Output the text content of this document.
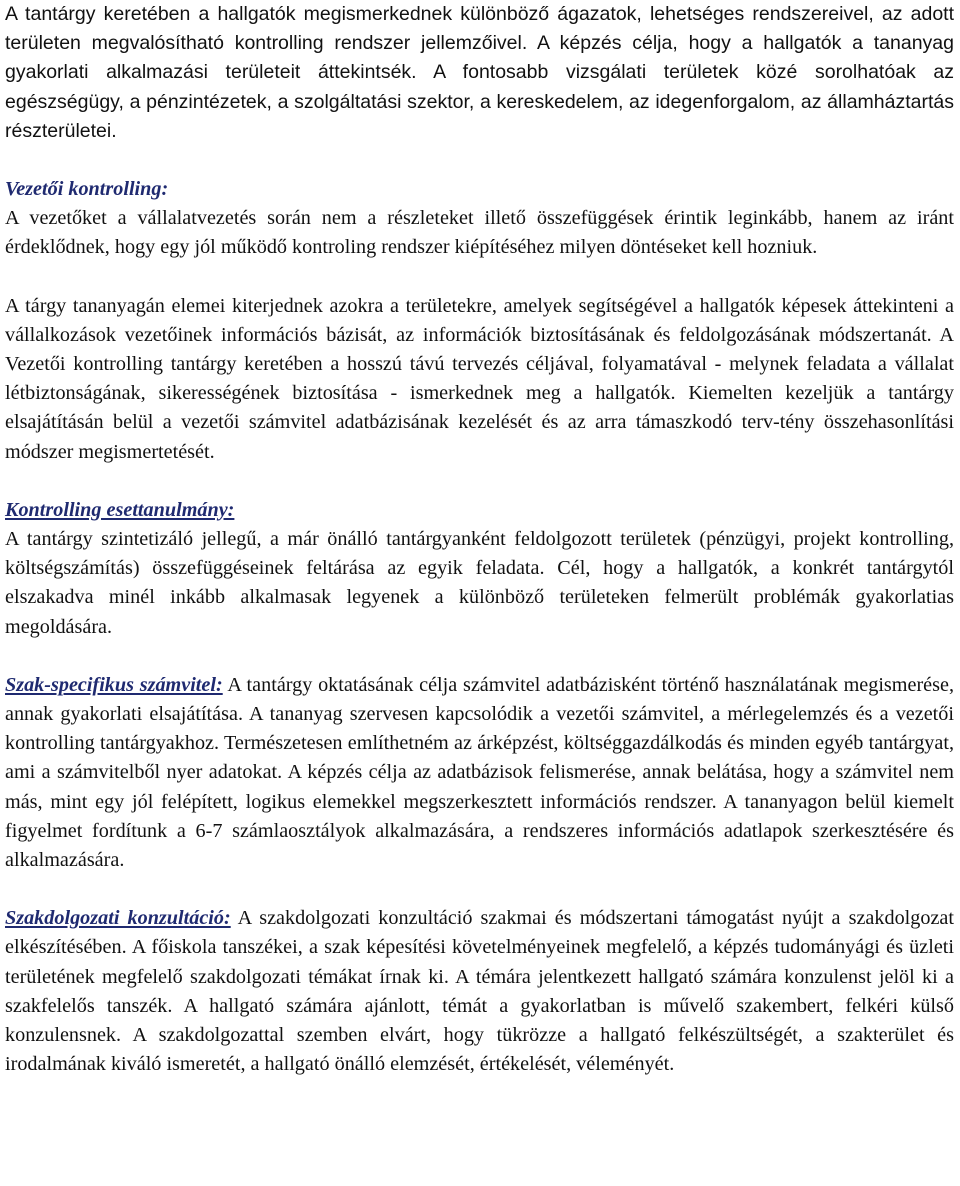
A tantárgy keretében a hallgatók megismerkednek különböző ágazatok, lehetséges rendszereivel, az adott területen megvalósítható kontrolling rendszer jellemzőivel. A képzés célja, hogy a hallgatók a tananyag gyakorlati alkalmazási területeit áttekintsék. A fontosabb vizsgálati területek közé sorolhatóak az egészségügy, a pénzintézetek, a szolgáltatási szektor, a kereskedelem, az idegenforgalom, az államháztartás részterületei.

Vezetői kontrolling:

A vezetőket a vállalatvezetés során nem a részleteket illető összefüggések érintik leginkább, hanem az iránt érdeklődnek, hogy egy jól működő kontroling rendszer kiépítéséhez milyen döntéseket kell hozniuk.

A tárgy tananyagán elemei kiterjednek azokra a területekre, amelyek segítségével a hallgatók képesek áttekinteni a vállalkozások vezetőinek információs bázisát, az információk biztosításának és feldolgozásának módszertanát. A Vezetői kontrolling tantárgy keretében a hosszú távú tervezés céljával, folyamatával - melynek feladata a vállalat létbiztonságának, sikerességének biztosítása - ismerkednek meg a hallgatók. Kiemelten kezeljük a tantárgy elsajátításán belül a vezetői számvitel adatbázisának kezelését és az arra támaszkodó terv-tény összehasonlítási módszer megismertetését.

Kontrolling esettanulmány:

A tantárgy szintetizáló jellegű, a már önálló tantárgyanként feldolgozott területek (pénzügyi, projekt kontrolling, költségszámítás) összefüggéseinek feltárása az egyik feladata. Cél, hogy a hallgatók, a konkrét tantárgytól elszakadva minél inkább alkalmasak legyenek a különböző területeken felmerült problémák gyakorlatias megoldására.

Szak-specifikus számvitel: A tantárgy oktatásának célja számvitel adatbázisként történő használatának megismerése, annak gyakorlati elsajátítása. A tananyag szervesen kapcsolódik a vezetői számvitel, a mérlegelemzés és a vezetői kontrolling tantárgyakhoz. Természetesen említhetném az árképzést, költséggazdálkodás és minden egyéb tantárgyat, ami a számvitelből nyer adatokat. A képzés célja az adatbázisok felismerése, annak belátása, hogy a számvitel nem más, mint egy jól felépített, logikus elemekkel megszerkesztett információs rendszer. A tananyagon belül kiemelt figyelmet fordítunk a 6-7 számlaosztályok alkalmazására, a rendszeres információs adatlapok szerkesztésére és alkalmazására.

Szakdolgozati konzultáció: A szakdolgozati konzultáció szakmai és módszertani támogatást nyújt a szakdolgozat elkészítésében. A főiskola tanszékei, a szak képesítési követelményeinek megfelelő, a képzés tudományági és üzleti területének megfelelő szakdolgozati témákat írnak ki. A témára jelentkezett hallgató számára konzulenst jelöl ki a szakfelelős tanszék. A hallgató számára ajánlott, témát a gyakorlatban is művelő szakembert, felkéri külső konzulensnek. A szakdolgozattal szemben elvárt, hogy tükrözze a hallgató felkészültségét, a szakterület és irodalmának kiváló ismeretét, a hallgató önálló elemzését, értékelését, véleményét.
